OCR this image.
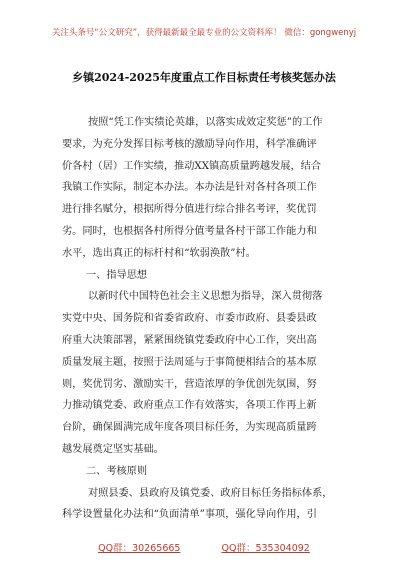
关注头条号“公文研究”，获得最新最全最专业的公文资料库！ 微信：gongwenyj
乡镇2024-2025年度重点工作目标责任考核奖惩办法
按照“凭工作实绩论英雄，以落实成效定奖惩”的工作
要求，为充分发挥目标考核的激励导向作用，科学准确评
价各村（居）工作实绩，推动XX镇高质量跨越发展，结合
我镇工作实际，制定本办法。本办法是针对各村各项工作
进行排名赋分，根据所得分值进行综合排名考评，奖优罚
劣。同时，也根据各村所得分值考量各村干部工作能力和
水平，选出真正的标杆村和“软弱涣散”村。
一、指导思想
以新时代中国特色社会主义思想为指导，深入贯彻落
实党中央、国务院和省委省政府、市委市政府、县委县政
府重大决策部署，紧紧围绕镇党委政府中心工作，突出高
质量发展主题，按照于法周延与于事简便相结合的基本原
则，奖优罚劣、激励实干，营造浓厚的争优创先氛围，努
力推动镇党委、政府重点工作有效落实，各项工作再上新
台阶，确保圆满完成年度各项目标任务，为实现高质量跨
越发展奠定坚实基础。
二、考核原则
对照县委、县政府及镇党委、政府目标任务指标体系，
科学设置量化办法和“负面清单”事项，强化导向作用，引
QQ群：30265665	QQ群：535304092
